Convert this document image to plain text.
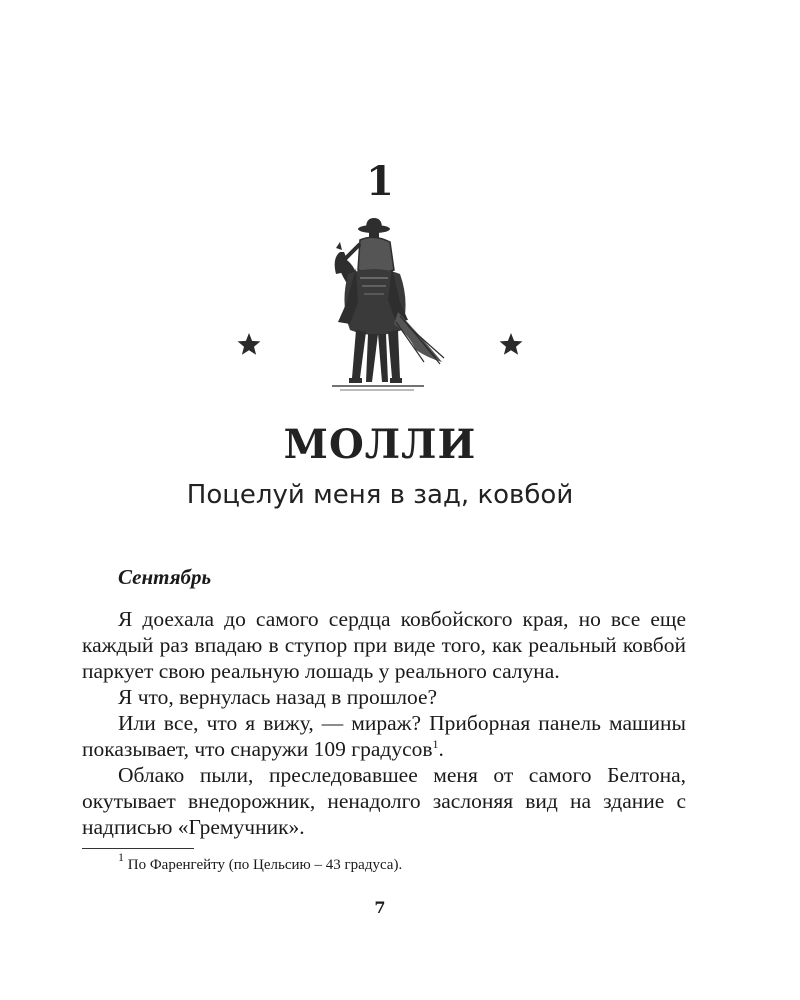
1
МОЛЛИ
Поцелуй меня в зад, ковбой
Сентябрь

Я доехала до самого сердца ковбойского края, но все еще каждый раз впадаю в ступор при виде того, как реальный ковбой паркует свою реальную лошадь у реального салуна.

Я что, вернулась назад в прошлое?

Или все, что я вижу, — мираж? Приборная панель машины показывает, что снаружи 109 градусов$^1$.

Облако пыли, преследовавшее меня от самого Белтона, окутывает внедорожник, ненадолго заслоняя вид на здание с надписью «Гремучник».

$^1$ По Фаренгейту (по Цельсию – 43 градуса).
7
